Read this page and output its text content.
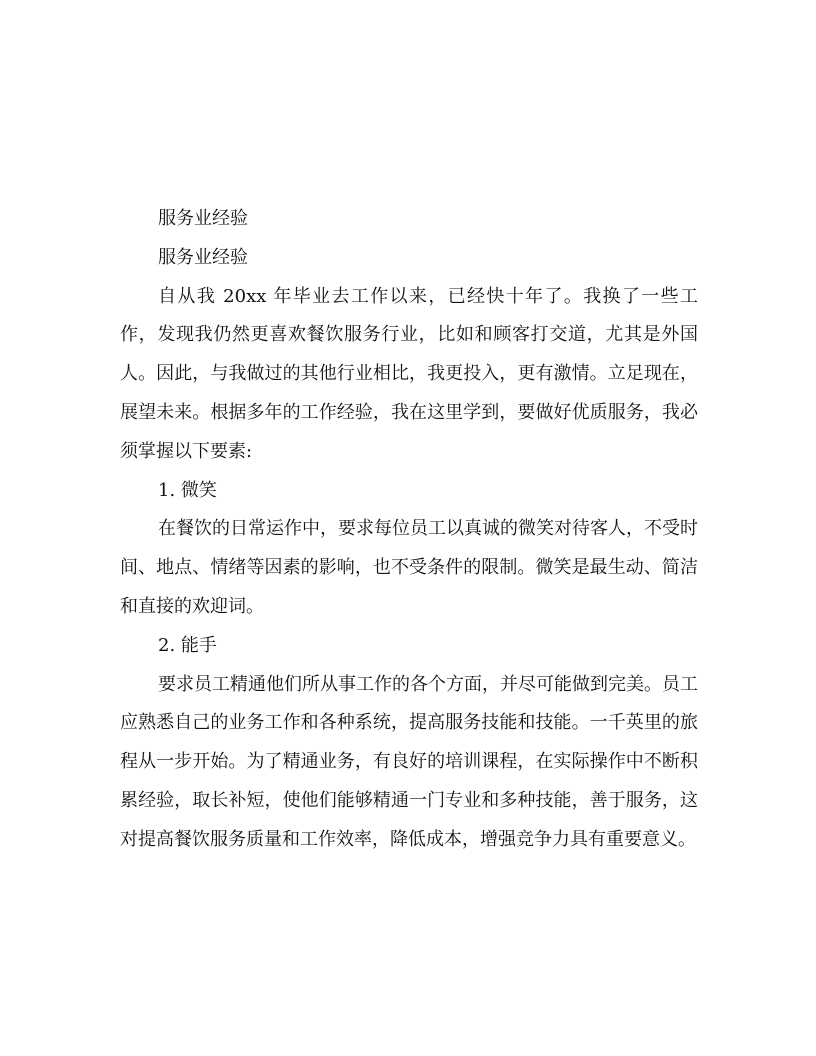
服务业经验

服务业经验

自从我 20xx 年毕业去工作以来，已经快十年了。我换了一些工作，发现我仍然更喜欢餐饮服务行业，比如和顾客打交道，尤其是外国人。因此，与我做过的其他行业相比，我更投入，更有激情。立足现在，展望未来。根据多年的工作经验，我在这里学到，要做好优质服务，我必须掌握以下要素:

1. 微笑

在餐饮的日常运作中，要求每位员工以真诚的微笑对待客人，不受时间、地点、情绪等因素的影响，也不受条件的限制。微笑是最生动、简洁和直接的欢迎词。

2. 能手

要求员工精通他们所从事工作的各个方面，并尽可能做到完美。员工应熟悉自己的业务工作和各种系统，提高服务技能和技能。一千英里的旅程从一步开始。为了精通业务，有良好的培训课程，在实际操作中不断积累经验，取长补短，使他们能够精通一门专业和多种技能，善于服务，这对提高餐饮服务质量和工作效率，降低成本，增强竞争力具有重要意义。
